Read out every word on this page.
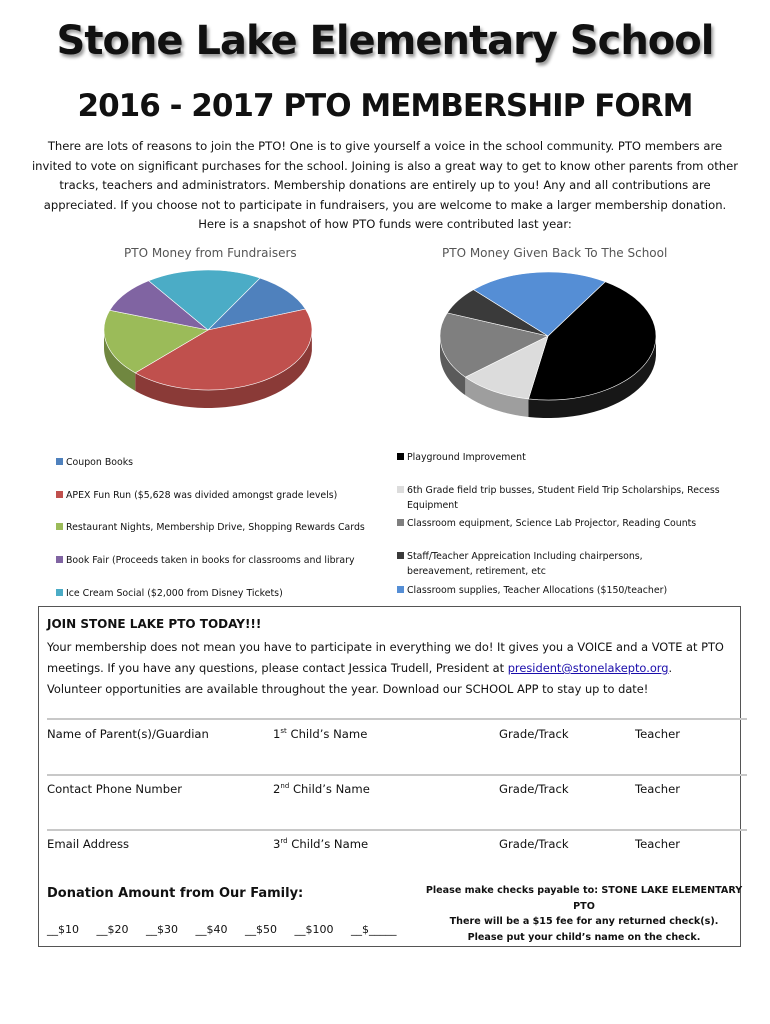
Stone Lake Elementary School
2016 - 2017 PTO MEMBERSHIP FORM
There are lots of reasons to join the PTO! One is to give yourself a voice in the school community. PTO members are invited to vote on significant purchases for the school. Joining is also a great way to get to know other parents from other tracks, teachers and administrators. Membership donations are entirely up to you! Any and all contributions are appreciated. If you choose not to participate in fundraisers, you are welcome to make a larger membership donation. Here is a snapshot of how PTO funds were contributed last year:
PTO Money from Fundraisers
Coupon Books
APEX Fun Run ($5,628 was divided amongst grade levels)
Restaurant Nights, Membership Drive, Shopping Rewards Cards
Book Fair (Proceeds taken in books for classrooms and library
Ice Cream Social ($2,000 from Disney Tickets)
PTO Money Given Back To The School
Playground Improvement
6th Grade field trip busses, Student Field Trip Scholarships, Recess Equipment
Classroom equipment, Science Lab Projector, Reading Counts
Staff/Teacher Appreication Including chairpersons, bereavement, retirement, etc
Classroom supplies, Teacher Allocations ($150/teacher)
JOIN STONE LAKE PTO TODAY!!!
Your membership does not mean you have to participate in everything we do! It gives you a VOICE and a VOTE at PTO
meetings. If you have any questions, please contact Jessica Trudell, President at president@stonelakepto.org.
Volunteer opportunities are available throughout the year. Download our SCHOOL APP to stay up to date!
Name of Parent(s)/Guardian	1st Child’s Name	Grade/Track	Teacher
Contact Phone Number	2nd Child’s Name	Grade/Track	Teacher
Email Address	3rd Child’s Name	Grade/Track	Teacher
Donation Amount from Our Family:
__$10 __$20 __$30 __$40 __$50 __$100 __$_____
Please make checks payable to: STONE LAKE ELEMENTARY PTO
There will be a $15 fee for any returned check(s).
Please put your child’s name on the check.
